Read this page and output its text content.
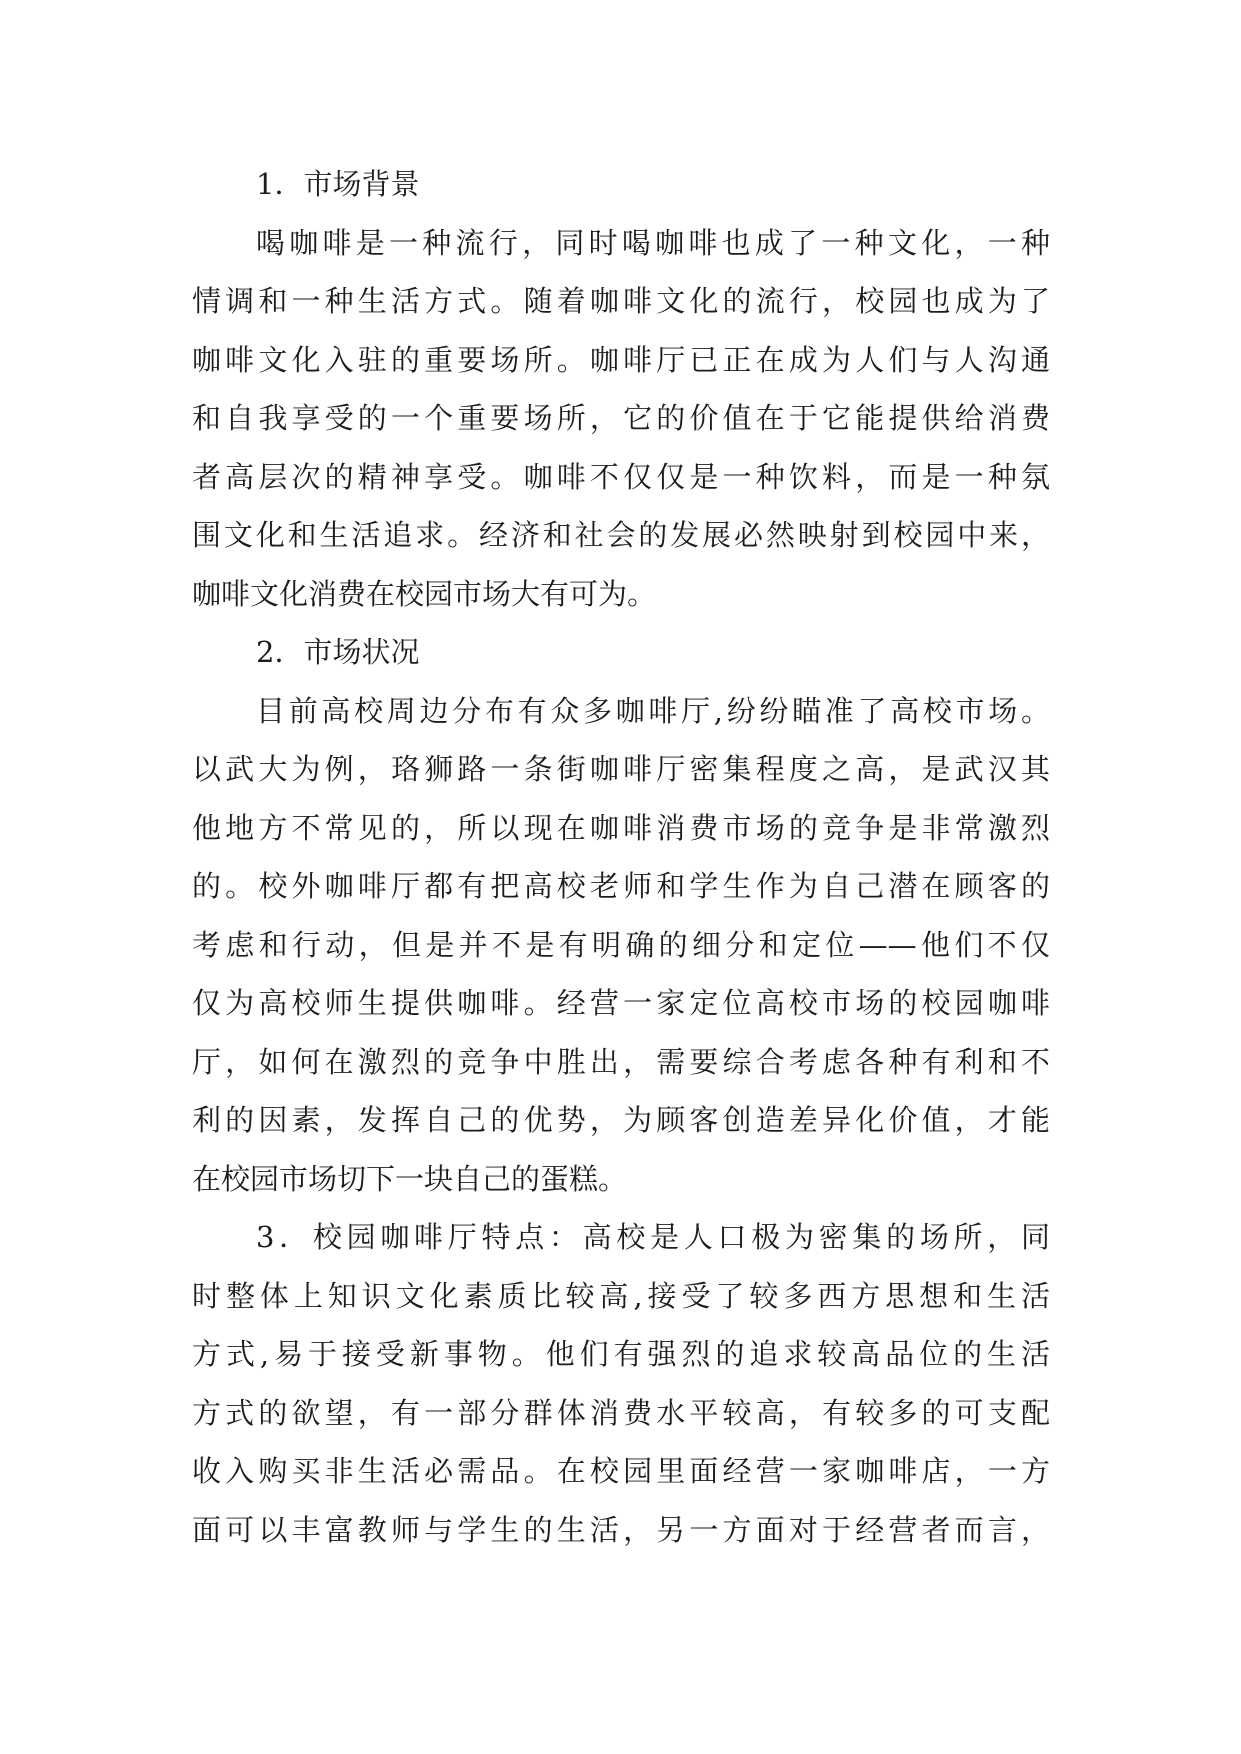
1．市场背景
喝咖啡是一种流行，同时喝咖啡也成了一种文化，一种
情调和一种生活方式。随着咖啡文化的流行，校园也成为了
咖啡文化入驻的重要场所。咖啡厅已正在成为人们与人沟通
和自我享受的一个重要场所，它的价值在于它能提供给消费
者高层次的精神享受。咖啡不仅仅是一种饮料，而是一种氛
围文化和生活追求。经济和社会的发展必然映射到校园中来，
咖啡文化消费在校园市场大有可为。
2．市场状况
目前高校周边分布有众多咖啡厅,纷纷瞄准了高校市场。
以武大为例，珞狮路一条街咖啡厅密集程度之高，是武汉其
他地方不常见的，所以现在咖啡消费市场的竞争是非常激烈
的。校外咖啡厅都有把高校老师和学生作为自己潜在顾客的
考虑和行动，但是并不是有明确的细分和定位——他们不仅
仅为高校师生提供咖啡。经营一家定位高校市场的校园咖啡
厅，如何在激烈的竞争中胜出，需要综合考虑各种有利和不
利的因素，发挥自己的优势，为顾客创造差异化价值，才能
在校园市场切下一块自己的蛋糕。
3．校园咖啡厅特点：高校是人口极为密集的场所，同
时整体上知识文化素质比较高,接受了较多西方思想和生活
方式,易于接受新事物。他们有强烈的追求较高品位的生活
方式的欲望，有一部分群体消费水平较高，有较多的可支配
收入购买非生活必需品。在校园里面经营一家咖啡店，一方
面可以丰富教师与学生的生活，另一方面对于经营者而言，
